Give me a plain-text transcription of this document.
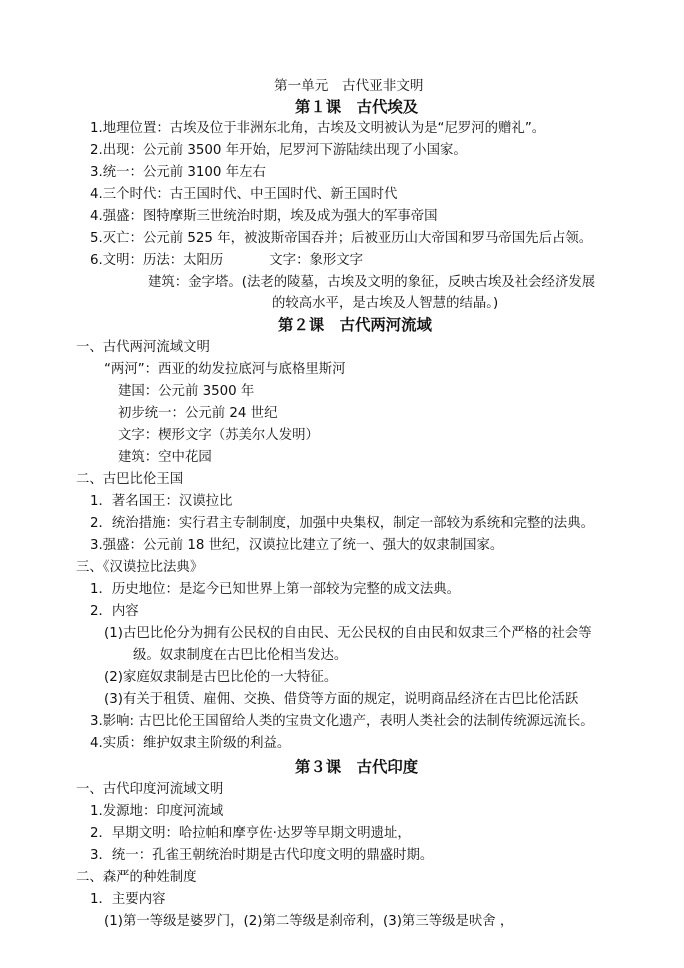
第一单元　古代亚非文明
第１课　古代埃及
1.地理位置：古埃及位于非洲东北角，古埃及文明被认为是“尼罗河的赠礼”。
2.出现：公元前 3500 年开始，尼罗河下游陆续出现了小国家。
3.统一：公元前 3100 年左右
4.三个时代：古王国时代、中王国时代、新王国时代
4.强盛：图特摩斯三世统治时期，埃及成为强大的军事帝国
5.灭亡：公元前 525 年，被波斯帝国吞并；后被亚历山大帝国和罗马帝国先后占领。
6.文明：历法：太阳历	文字：象形文字
建筑：金字塔。(法老的陵墓，古埃及文明的象征，反映古埃及社会经济发展
的较高水平，是古埃及人智慧的结晶。)
第２课　古代两河流域
一、古代两河流域文明
“两河”：西亚的幼发拉底河与底格里斯河
建国：公元前 3500 年
初步统一：公元前 24 世纪
文字：楔形文字（苏美尔人发明）
建筑：空中花园
二、古巴比伦王国
1．著名国王：汉谟拉比
2．统治措施：实行君主专制制度，加强中央集权，制定一部较为系统和完整的法典。
3.强盛：公元前 18 世纪，汉谟拉比建立了统一、强大的奴隶制国家。
三、《汉谟拉比法典》
1．历史地位：是迄今已知世界上第一部较为完整的成文法典。
2．内容
(1)古巴比伦分为拥有公民权的自由民、无公民权的自由民和奴隶三个严格的社会等
级。奴隶制度在古巴比伦相当发达。
(2)家庭奴隶制是古巴比伦的一大特征。
(3)有关于租赁、雇佣、交换、借贷等方面的规定，说明商品经济在古巴比伦活跃
3.影响: 古巴比伦王国留给人类的宝贵文化遗产，表明人类社会的法制传统源远流长。
4.实质：维护奴隶主阶级的利益。
第３课　古代印度
一、古代印度河流域文明
1.发源地：印度河流域
2．早期文明：哈拉帕和摩亨佐·达罗等早期文明遗址，
3．统一：孔雀王朝统治时期是古代印度文明的鼎盛时期。
二、森严的种姓制度
1．主要内容
(1)第一等级是婆罗门，(2)第二等级是刹帝利，(3)第三等级是吠舍 ，
